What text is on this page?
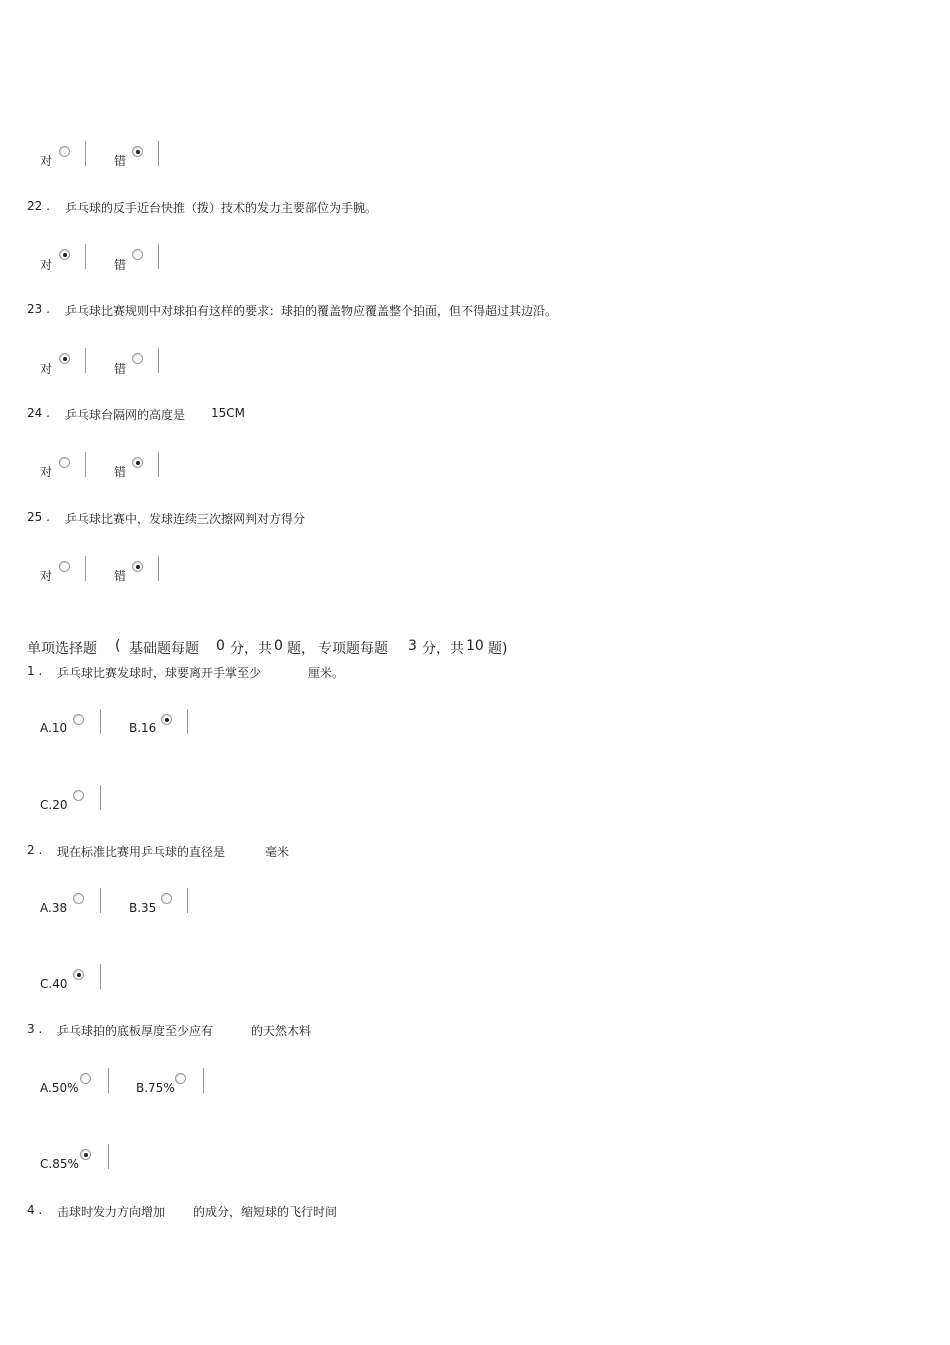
对	错
22 . 乒乓球的反手近台快推（拨）技术的发力主要部位为手腕。
对	错
23 . 乒乓球比赛规则中对球拍有这样的要求：球拍的覆盖物应覆盖整个拍面，但不得超过其边沿。
对	错
24 . 乒乓球台隔网的高度是 15CM
对	错
25 . 乒乓球比赛中，发球连续三次擦网判对方得分
对	错
单项选择题 ( 基础题每题 0 分，共 0 题， 专项题每题 3 分，共 10 题)
1 . 乒乓球比赛发球时，球要离开手掌至少	厘米。
A.10	B.16
C.20
2 . 现在标准比赛用乒乓球的直径是	毫米
A.38	B.35
C.40
3 . 乒乓球拍的底板厚度至少应有	的天然木料
A.50%	B.75%
C.85%
4 . 击球时发力方向增加 的成分，缩短球的飞行时间
